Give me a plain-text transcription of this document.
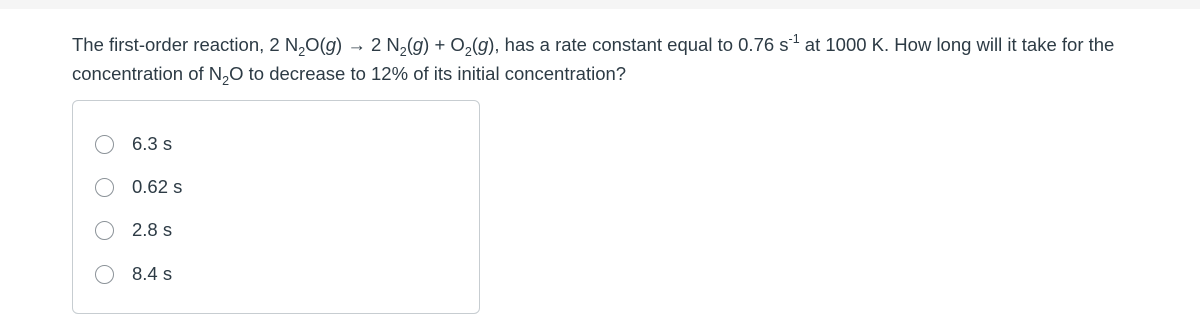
The first-order reaction, 2 $N_2O(g) \to 2$ $N_2(g) + O_2(g)$, has a rate constant equal to 0.76 $s^{-1}$ at 1000 K. How long will it take for the
concentration of $N_2O$ to decrease to 12% of its initial concentration?
6.3 s
0.62 s
2.8 s
8.4 s
